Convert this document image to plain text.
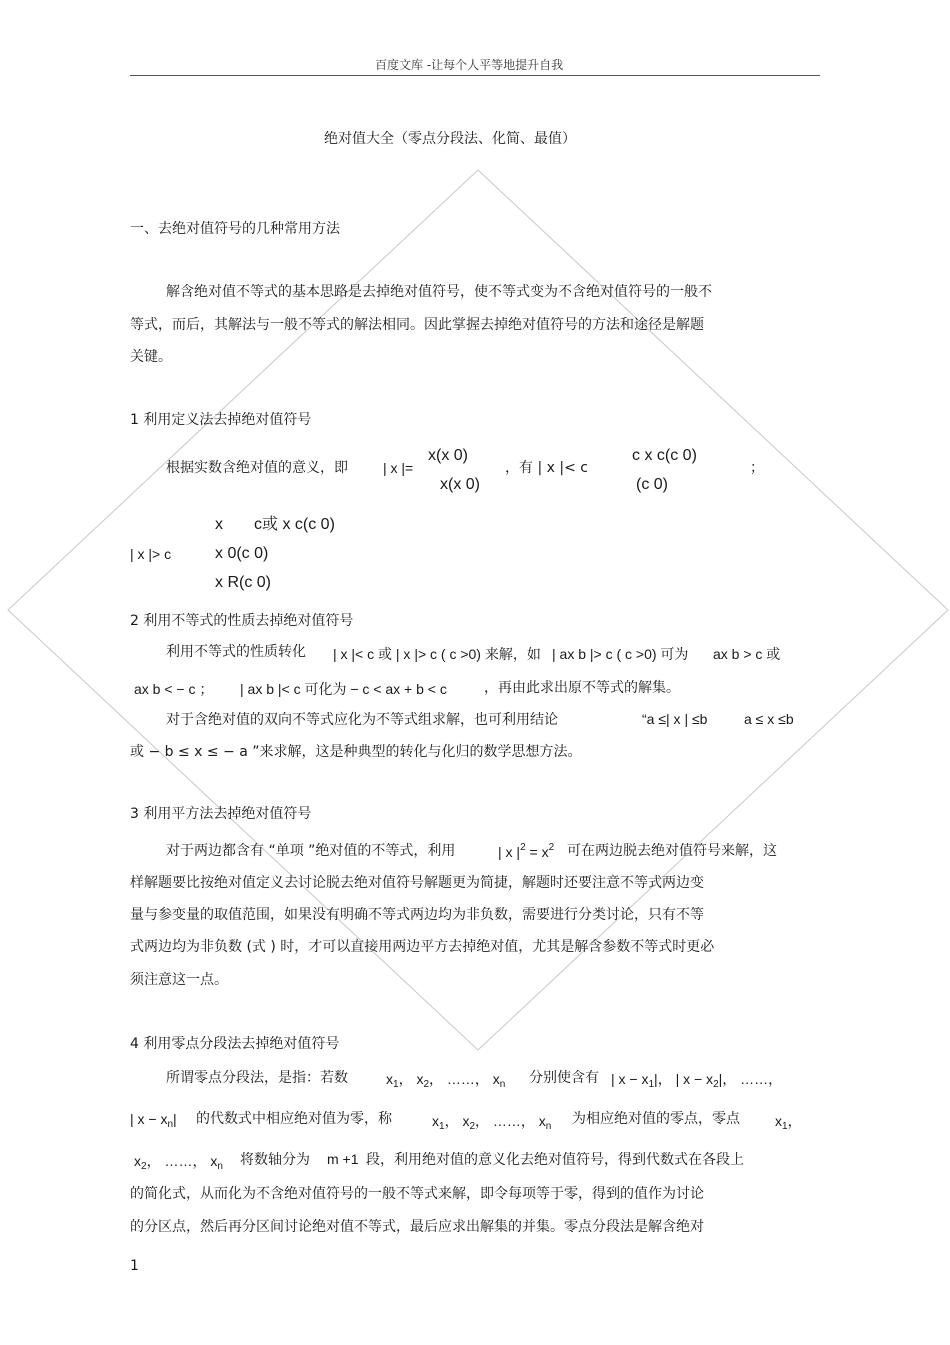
百度文库 -让每个人平等地提升自我
绝对值大全（零点分段法、化简、最值）
一、去绝对值符号的几种常用方法
解含绝对值不等式的基本思路是去掉绝对值符号，使不等式变为不含绝对值符号的一般不
等式，而后，其解法与一般不等式的解法相同。因此掌握去掉绝对值符号的方法和途径是解题
关键。
1 利用定义法去掉绝对值符号
根据实数含绝对值的意义，即	| x |=
x(x 0)
x(x 0)
，有 | x |< c
c x c(c 0)
(c 0)
；
| x |> c
x c或 x c(c 0)
x 0(c 0)
x R(c 0)
2 利用不等式的性质去掉绝对值符号
利用不等式的性质转化 | x |< c 或 | x |> c ( c >0) 来解，如 | ax b |> c ( c >0) 可为 ax b > c 或
ax b < − c ； | ax b |< c 可化为 − c < ax + b < c	，再由此求出原不等式的解集。
对于含绝对值的双向不等式应化为不等式组求解，也可利用结论	“a ≤| x | ≤b	a ≤ x ≤b
或 − b ≤ x ≤ − a ”来求解，这是种典型的转化与化归的数学思想方法。
3 利用平方法去掉绝对值符号
对于两边都含有 “单项 ”绝对值的不等式，利用	| x $|^2 = x^2$ 可在两边脱去绝对值符号来解，这
样解题要比按绝对值定义去讨论脱去绝对值符号解题更为简捷，解题时还要注意不等式两边变
量与参变量的取值范围，如果没有明确不等式两边均为非负数，需要进行分类讨论，只有不等
式两边均为非负数 (式 ) 时，才可以直接用两边平方去掉绝对值，尤其是解含参数不等式时更必
须注意这一点。
4 利用零点分段法去掉绝对值符号
所谓零点分段法，是指：若数	$x_1$， $x_2$， ……， $x_n$ 分别使含有 | $x - x_1|$， | $x - x_2|$， ……，
| $x - x_n|$ 的代数式中相应绝对值为零，称	$x_1$， $x_2$， ……， $x_n$ 为相应绝对值的零点，零点	$x_1$，
$x_2$， ……， $x_n$ 将数轴分为 m +1 段，利用绝对值的意义化去绝对值符号，得到代数式在各段上
的简化式，从而化为不含绝对值符号的一般不等式来解，即令每项等于零，得到的值作为讨论
的分区点，然后再分区间讨论绝对值不等式，最后应求出解集的并集。零点分段法是解含绝对
1
